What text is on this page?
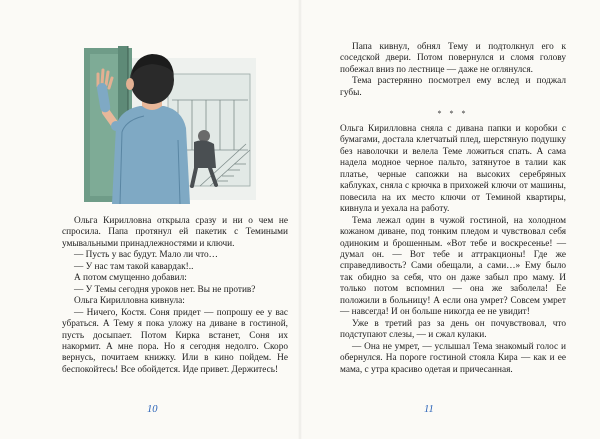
Ольга Кирилловна открыла сразу и ни о чем не спросила. Папа протянул ей пакетик с Темиными умывальными принадлежностями и ключи.

— Пусть у вас будут. Мало ли что…

— У нас там такой кавардак!..

А потом смущенно добавил:

— У Темы сегодня уроков нет. Вы не против?

Ольга Кирилловна кивнула:

— Ничего, Костя. Соня придет — попрошу ее у вас убраться. А Тему я пока уложу на диване в гостиной, пусть досыпает. Потом Кирка встанет, Соня их накормит. А мне пора. Но я сегодня недолго. Скоро вернусь, почитаем книжку. Или в кино пойдем. Не беспокойтесь! Все обойдется. Иде привет. Держитесь!

10

Папа кивнул, обнял Тему и подтолкнул его к соседской двери. Потом повернулся и сломя голову побежал вниз по лестнице — даже не оглянулся.

Тема растерянно посмотрел ему вслед и поджал губы.

* * *

Ольга Кирилловна сняла с дивана папки и коробки с бумагами, достала клетчатый плед, шерстяную подушку без наволочки и велела Теме ложиться спать. А сама надела модное черное пальто, затянутое в талии как платье, черные сапожки на высоких серебряных каблуках, сняла с крючка в прихожей ключи от машины, повесила на их место ключи от Теминой квартиры, кивнула и уехала на работу.

Тема лежал один в чужой гостиной, на холодном кожаном диване, под тонким пледом и чувствовал себя одиноким и брошенным. «Вот тебе и воскресенье! — думал он. — Вот тебе и аттракционы! Где же справедливость? Сами обещали, а сами…» Ему было так обидно за себя, что он даже забыл про маму. И только потом вспомнил — она же заболела! Ее положили в больницу! А если она умрет? Совсем умрет — навсегда! И он больше никогда ее не увидит!

Уже в третий раз за день он почувствовал, что подступают слезы, — и сжал кулаки.

— Она не умрет, — услышал Тема знакомый голос и обернулся. На пороге гостиной стояла Кира — как и ее мама, с утра красиво одетая и причесанная.

11
